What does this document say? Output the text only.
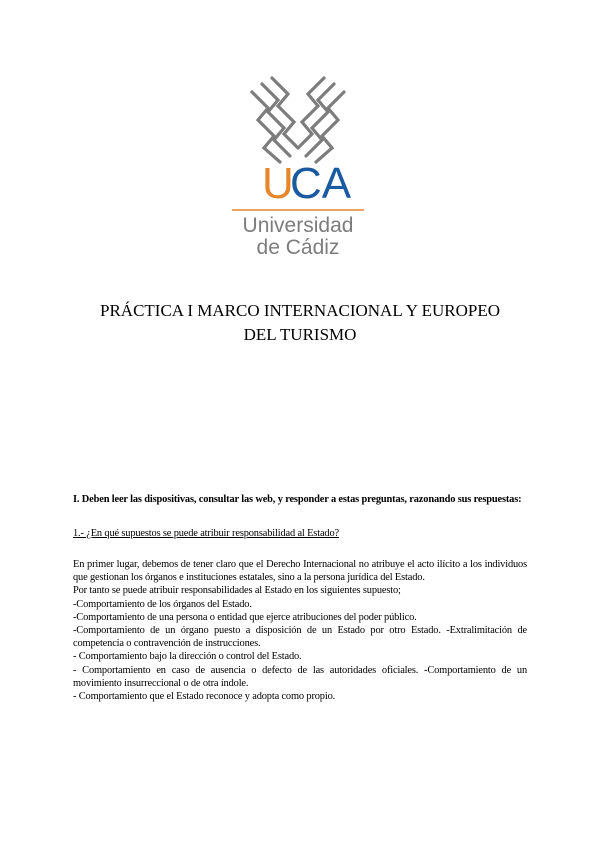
U
CA
Universidad
de Cádiz
PRÁCTICA I MARCO INTERNACIONAL Y EUROPEO
DEL TURISMO
I. Deben leer las dispositivas, consultar las web, y responder a estas preguntas, razonando sus respuestas:
1.- ¿En qué supuestos se puede atribuir responsabilidad al Estado?

En primer lugar, debemos de tener claro que el Derecho Internacional no atribuye el acto ilícito a los individuos que gestionan los órganos e instituciones estatales, sino a la persona jurídica del Estado.

Por tanto se puede atribuir responsabilidades al Estado en los siguientes supuesto;

-Comportamiento de los órganos del Estado.

-Comportamiento de una persona o entidad que ejerce atribuciones del poder público.

-Comportamiento de un órgano puesto a disposición de un Estado por otro Estado. -Extralimitación de competencia o contravención de instrucciones.

- Comportamiento bajo la dirección o control del Estado.

- Comportamiento en caso de ausencia o defecto de las autoridades oficiales. -Comportamiento de un movimiento insurreccional o de otra índole.

- Comportamiento que el Estado reconoce y adopta como propio.
